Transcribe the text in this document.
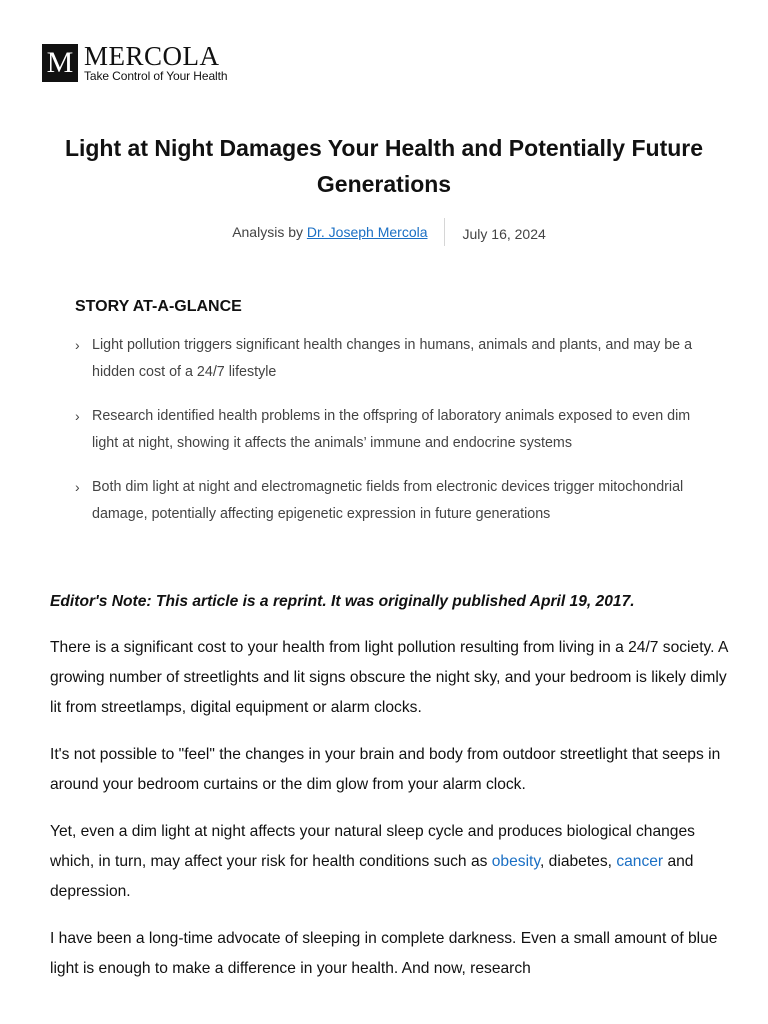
M MERCOLA
Take Control of Your Health
Light at Night Damages Your Health and Potentially Future Generations
Analysis by Dr. Joseph Mercola	July 16, 2024
STORY AT-A-GLANCE
› Light pollution triggers significant health changes in humans, animals and plants, and may be a hidden cost of a 24/7 lifestyle
› Research identified health problems in the offspring of laboratory animals exposed to even dim light at night, showing it affects the animals’ immune and endocrine systems
› Both dim light at night and electromagnetic fields from electronic devices trigger mitochondrial damage, potentially affecting epigenetic expression in future generations

Editor's Note: This article is a reprint. It was originally published April 19, 2017.

There is a significant cost to your health from light pollution resulting from living in a 24/7 society. A growing number of streetlights and lit signs obscure the night sky, and your bedroom is likely dimly lit from streetlamps, digital equipment or alarm clocks.

It's not possible to "feel" the changes in your brain and body from outdoor streetlight that seeps in around your bedroom curtains or the dim glow from your alarm clock.

Yet, even a dim light at night affects your natural sleep cycle and produces biological changes which, in turn, may affect your risk for health conditions such as obesity, diabetes, cancer and depression.

I have been a long-time advocate of sleeping in complete darkness. Even a small amount of blue light is enough to make a difference in your health. And now, research
